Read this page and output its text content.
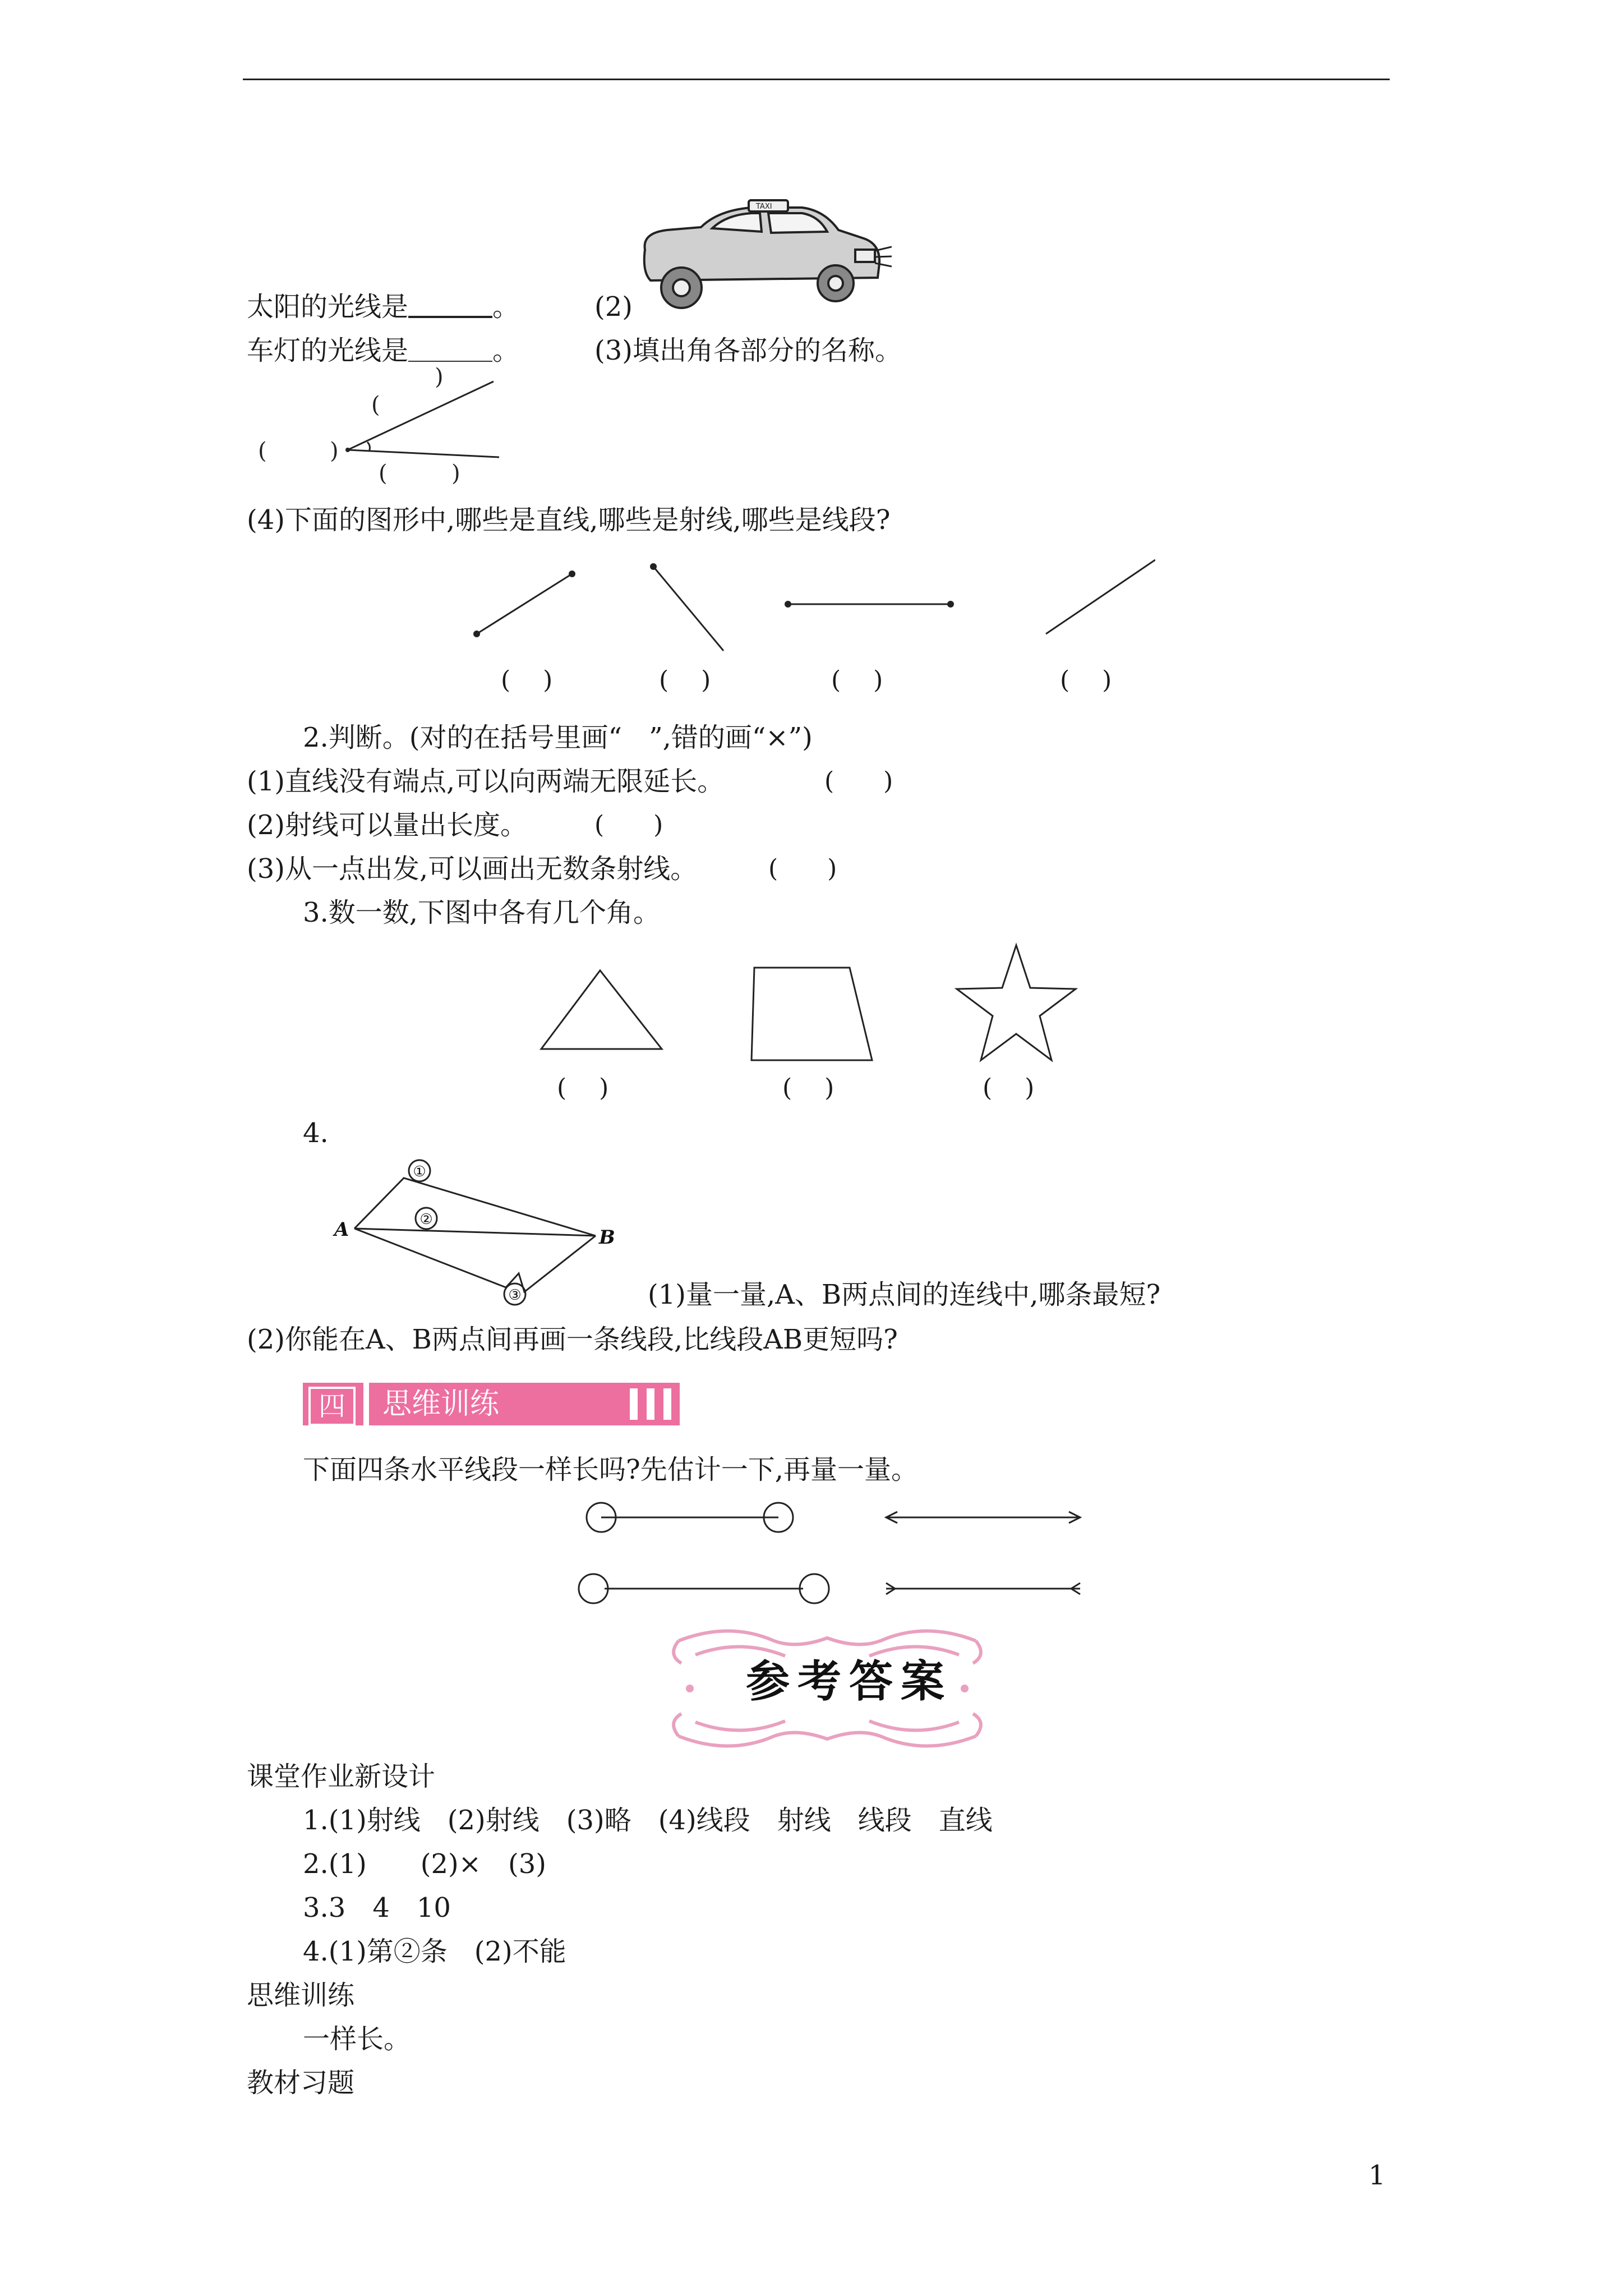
TAXI
太阳的光线是	。	(2)
车灯的光线是	。	(3)填出角各部分的名称。
)
(
(	)
(	)
(4)下面的图形中,哪些是直线,哪些是射线,哪些是线段?
(　 )	(　 )	(　 )	(　 )
2.判断。(对的在括号里画“　”,错的画“×”)
(1)直线没有端点,可以向两端无限延长。	(　　)
(2)射线可以量出长度。	(　　)
(3)从一点出发,可以画出无数条射线。	(　　)
3.数一数,下图中各有几个角。
(　 )	(　 )	(　 )
4.
A	B
①
②
③	(1)量一量,A、B两点间的连线中,哪条最短?
(2)你能在A、B两点间再画一条线段,比线段AB更短吗?
四	思维训练
下面四条水平线段一样长吗?先估计一下,再量一量。
参考答案
课堂作业新设计
1.(1)射线　(2)射线　(3)略　(4)线段　射线　线段　直线
2.(1)　　(2)×　(3)
3.3　4　10
4.(1)第②条　(2)不能
思维训练
一样长。
教材习题
1
